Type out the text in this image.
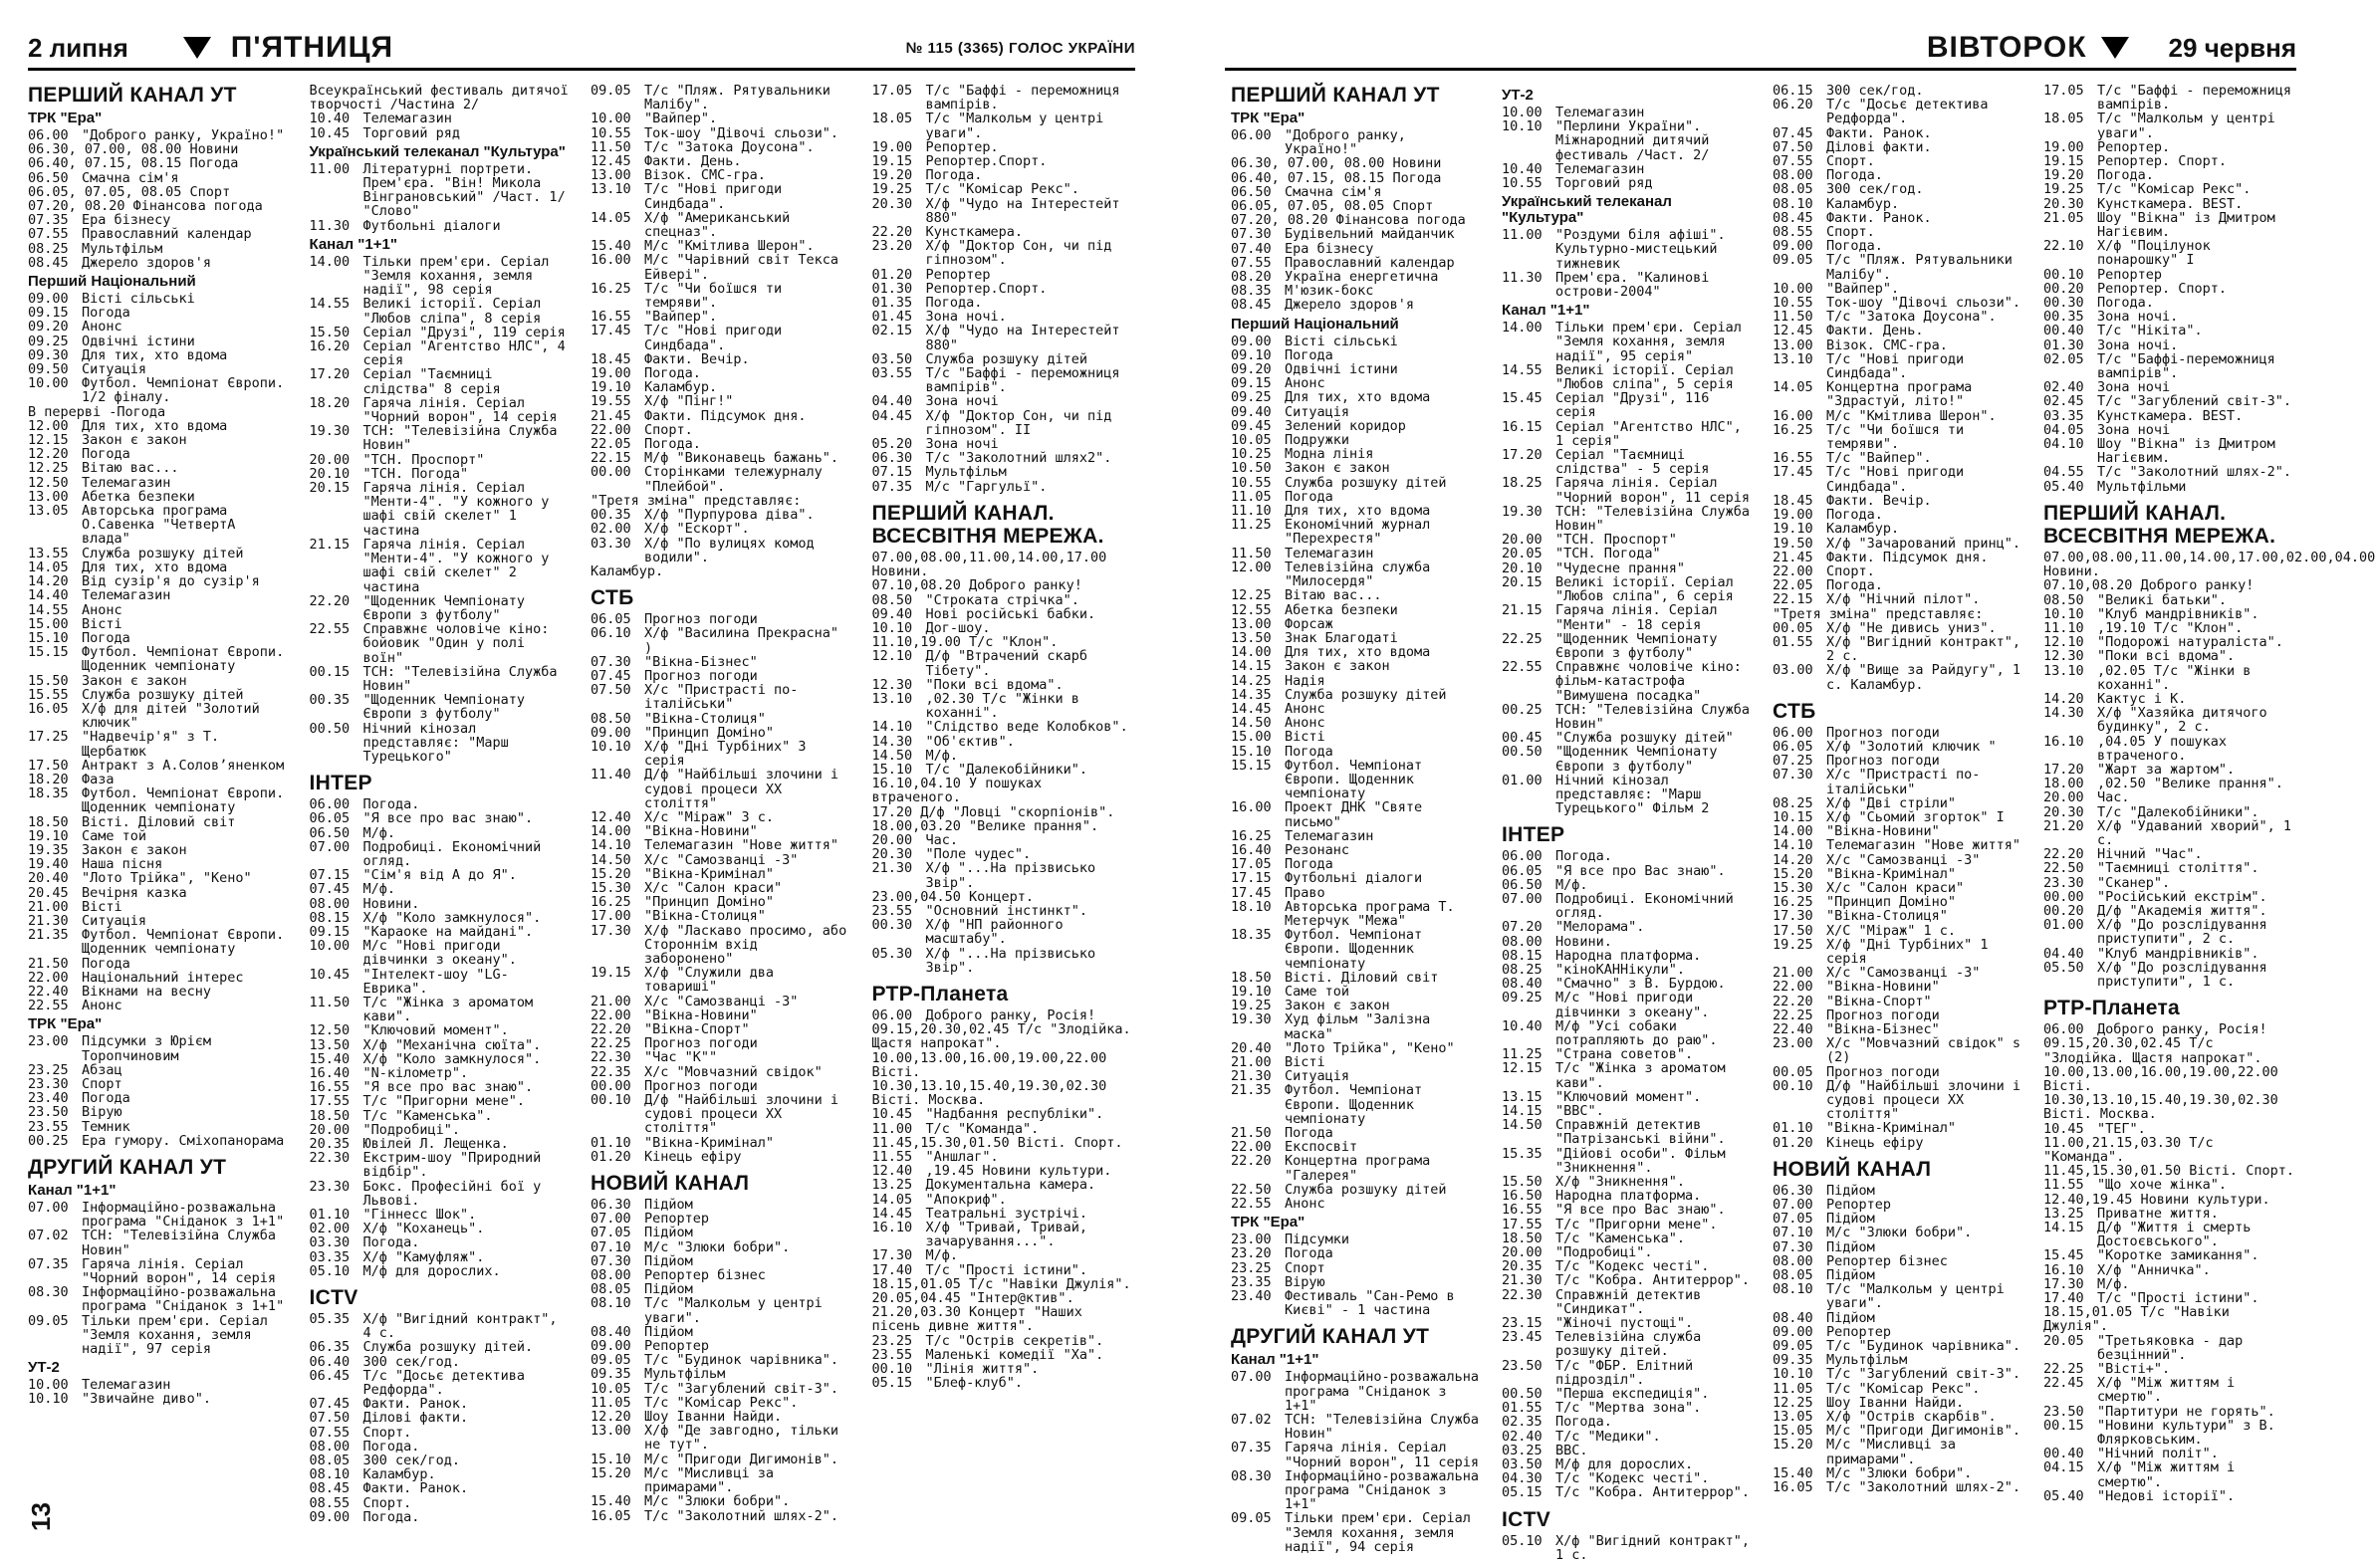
2 липня	П'ЯТНИЦЯ	№ 115 (3365) ГОЛОС УКРАЇНИ	ВІВТОРОК	29 червня
ПЕРШИЙ КАНАЛ УТ
ТРК "Ера"
06.00 "Доброго ранку, Україно!"
06.30, 07.00, 08.00 Новини
06.40, 07.15, 08.15 Погода
06.50 Смачна сім'я
06.05, 07.05, 08.05 Спорт
07.20, 08.20 Фінансова погода
07.35 Ера бізнесу
07.55 Православний календар
08.25 Мультфільм
08.45 Джерело здоров'я
Перший Національний
09.00 Вісті сільські
09.15 Погода
09.20 Анонс
09.25 Одвічні істини
09.30 Для тих, хто вдома
09.50 Ситуація
10.00 Футбол. Чемпіонат Європи. 1/2 фіналу.
В перерві -Погода
12.00 Для тих, хто вдома
12.15 Закон є закон
12.20 Погода
12.25 Вітаю вас...
12.50 Телемагазин
13.00 Абетка безпеки
13.05 Авторська програма О.Савенка "ЧетвертА влада"
13.55 Служба розшуку дітей
14.05 Для тих, хто вдома
14.20 Від сузір'я до сузір'я
14.40 Телемагазин
14.55 Анонс
15.00 Вісті
15.10 Погода
15.15 Футбол. Чемпіонат Європи. Щоденник чемпіонату
15.50 Закон є закон
15.55 Служба розшуку дітей
16.05 Х/ф для дітей "Золотий ключик"
17.25 "Надвечір'я" з Т. Щербатюк
17.50 Антракт з А.Соловʼяненком
18.20 Фаза
18.35 Футбол. Чемпіонат Європи. Щоденник чемпіонату
18.50 Вісті. Діловий світ
19.10 Саме той
19.35 Закон є закон
19.40 Наша пісня
20.40 "Лото Трійка", "Кено"
20.45 Вечірня казка
21.00 Вісті
21.30 Ситуація
21.35 Футбол. Чемпіонат Європи. Щоденник чемпіонату
21.50 Погода
22.00 Національний інтерес
22.40 Вікнами на весну
22.55 Анонс
ТРК "Ера"
23.00 Підсумки з Юрієм Торопчиновим
23.25 Абзац
23.30 Спорт
23.40 Погода
23.50 Вірую
23.55 Темник
00.25 Ера гумору. Сміхопанорама
ДРУГИЙ КАНАЛ УТ
Канал "1+1"
07.00 Інформаційно-розважальна програма "Сніданок з 1+1"
07.02 ТСН: "Телевізійна Служба Новин"
07.35 Гаряча лінія. Серіал "Чорний ворон", 14 серія
08.30 Інформаційно-розважальна програма "Сніданок з 1+1"
09.05 Тільки прем'єри. Серіал "Земля кохання, земля надії", 97 серія
УТ-2
10.00 Телемагазин
10.10 "Звичайне диво".
Всеукраїнський фестиваль дитячої творчості /Частина 2/
10.40 Телемагазин
10.45 Торговий ряд
Український телеканал "Культура"
11.00 Літературні портрети. Прем'єра. "Він! Микола Вінграновський" /Част. 1/ "Слово"
11.30 Футбольні діалоги
Канал "1+1"
14.00 Тільки прем'єри. Серіал "Земля кохання, земля надії", 98 серія
14.55 Великі історії. Серіал "Любов сліпа", 8 серія
15.50 Серіал "Друзі", 119 серія
16.20 Серіал "Агентство НЛС", 4 серія
17.20 Серіал "Таємниці слідства" 8 серія
18.20 Гаряча лінія. Серіал "Чорний ворон", 14 серія
19.30 ТСН: "Телевізійна Служба Новин"
20.00 "ТСН. Проспорт"
20.10 "ТСН. Погода"
20.15 Гаряча лінія. Серіал "Менти-4". "У кожного у шафі свій скелет" 1 частина
21.15 Гаряча лінія. Серіал "Менти-4". "У кожного у шафі свій скелет" 2 частина
22.20 "Щоденник Чемпіонату Європи з футболу"
22.55 Справжнє чоловіче кіно: бойовик "Один у полі воїн"
00.15 ТСН: "Телевізійна Служба Новин"
00.35 "Щоденник Чемпіонату Європи з футболу"
00.50 Нічний кінозал представляє: "Марш Турецького"
ІНТЕР
06.00 Погода.
06.05 "Я все про вас знаю".
06.50 М/ф.
07.00 Подробиці. Економічний огляд.
07.15 "Сім'я від А до Я".
07.45 М/ф.
08.00 Новини.
08.15 Х/ф "Коло замкнулося".
09.15 "Караоке на майдані".
10.00 М/с "Нові пригоди дівчинки з океану".
10.45 "Інтелект-шоу "LG-Еврика".
11.50 Т/с "Жінка з ароматом кави".
12.50 "Ключовий момент".
13.50 Х/ф "Механічна сюїта".
15.40 Х/ф "Коло замкнулося".
16.40 "N-кілометр".
16.55 "Я все про вас знаю".
17.55 Т/с "Пригорни мене".
18.50 Т/с "Каменська".
20.00 "Подробиці".
20.35 Ювілей Л. Лещенка.
22.30 Екстрим-шоу "Природний відбір".
23.30 Бокс. Професійні бої у Львові.
01.10 "Гіннесс Шок".
02.00 Х/ф "Коханець".
03.30 Погода.
03.35 Х/ф "Камуфляж".
05.10 М/ф для дорослих.
ICTV
05.35 Х/ф "Вигідний контракт", 4 с.
06.35 Служба розшуку дітей.
06.40 300 сек/год.
06.45 Т/с "Досьє детектива Редфорда".
07.45 Факти. Ранок.
07.50 Ділові факти.
07.55 Спорт.
08.00 Погода.
08.05 300 сек/год.
08.10 Каламбур.
08.45 Факти. Ранок.
08.55 Спорт.
09.00 Погода.
09.05 Т/с "Пляж. Рятувальники Малібу".
10.00 "Вайпер".
10.55 Ток-шоу "Дівочі сльози".
11.50 Т/с "Затока Доусона".
12.45 Факти. День.
13.00 Візок. СМС-гра.
13.10 Т/с "Нові пригоди Синдбада".
14.05 Х/ф "Американський спецназ".
15.40 М/с "Кмітлива Шерон".
16.00 М/с "Чарівний світ Тексa Ейвері".
16.25 Т/с "Чи боїшся ти темряви".
16.55 "Вайпер".
17.45 Т/с "Нові пригоди Синдбада".
18.45 Факти. Вечір.
19.00 Погода.
19.10 Каламбур.
19.55 Х/ф "Пінг!"
21.45 Факти. Підсумок дня.
22.00 Спорт.
22.05 Погода.
22.15 М/ф "Виконавець бажань".
00.00 Сторінками тележурналу "Плейбой".
"Третя зміна" представляє:
00.35 Х/ф "Пурпурова діва".
02.00 Х/ф "Ескорт".
03.30 Х/ф "По вулицях комод водили".
Калaмбур.
СТБ
06.05 Прогноз погоди
06.10 Х/ф "Василина Прекрасна" )
07.30 "Вікна-Бізнес"
07.45 Прогноз погоди
07.50 Х/с "Пристрасті по-італійськи"
08.50 "Вікна-Столиця"
09.00 "Принцип Доміно"
10.10 Х/ф "Дні Турбіних" 3 серія
11.40 Д/ф "Найбільші злочини і судові процеси XX століття"
12.40 Х/с "Міраж" 3 с.
14.00 "Вікна-Новини"
14.10 Телемагазин "Нове життя"
14.50 Х/с "Самозванці -3"
15.20 "Вікна-Кримінал"
15.30 Х/с "Салон краси"
16.25 "Принцип Доміно"
17.00 "Вікна-Столиця"
17.30 Х/ф "Ласкаво просимо, або Стороннім вхід заборонено"
19.15 Х/ф "Служили два товариші"
21.00 Х/с "Самозванці -3"
22.00 "Вікна-Новини"
22.20 "Вікна-Спорт"
22.25 Прогноз погоди
22.30 "Час "К""
22.35 Х/с "Мовчазний свідок"
00.00 Прогноз погоди
00.10 Д/ф "Найбільші злочини і судові процеси XX століття"
01.10 "Вікна-Кримінал"
01.20 Кінець ефіру
НОВИЙ КАНАЛ
06.30 Підйом
07.00 Репортер
07.05 Підйом
07.10 М/с "Злюки бобри".
07.30 Підйом
08.00 Репортер бізнес
08.05 Підйом
08.10 Т/с "Малкольм у центрі уваги".
08.40 Підйом
09.00 Репортер
09.05 Т/с "Будинок чарівника".
09.35 Мультфільм
10.05 Т/с "Загублений світ-3".
11.05 Т/с "Комісар Рекс".
12.20 Шоу Іванни Найди.
13.00 Х/ф "Де завгодно, тільки не тут".
15.10 М/с "Пригоди Дигимонів".
15.20 М/с "Мисливці за примарами".
15.40 М/с "Злюки бобри".
16.05 Т/с "Заколотний шлях-2".
17.05 Т/с "Баффі - переможниця вампірів.
18.05 Т/с "Малкольм у центрі уваги".
19.00 Репортер.
19.15 Репортер.Спорт.
19.20 Погода.
19.25 Т/с "Комісар Рекс".
20.30 Х/ф "Чудо на Інтерестейт 880"
22.20 Кунсткамера.
23.20 Х/ф "Доктор Сон, чи під гіпнозом".
01.20 Репортер
01.30 Репортер.Спорт.
01.35 Погода.
01.45 Зона ночі.
02.15 Х/ф "Чудо на Інтерестейт 880"
03.50 Служба розшуку дітей
03.55 Т/с "Баффі - переможниця вампірів".
04.40 Зона ночі
04.45 Х/ф "Доктор Сон, чи під гіпнозом". ІІ
05.20 Зона ночі
06.30 Т/с "Заколотний шлях2".
07.15 Мультфільм
07.35 М/с "Гаргульї".
ПЕРШИЙ КАНАЛ. ВСЕСВІТНЯ МЕРЕЖА.
07.00,08.00,11.00,14.00,17.00 Новини.
07.10,08.20 Доброго ранку!
08.50 "Строката стрічка".
09.40 Нові російські бабки.
10.10 Дог-шоу.
11.10,19.00 Т/с "Клон".
12.10 Д/ф "Втрачений скарб Тібету".
12.30 "Поки всі вдома".
13.10 ,02.30 Т/с "Жінки в коханні".
14.10 "Слідство веде Колобков".
14.30 "Об'єктив".
14.50 М/ф.
15.10 Т/с "Далекобійники".
16.10,04.10 У пошуках втраченого.
17.20 Д/ф "Ловці "скорпіонів".
18.00,03.20 "Велике прання".
20.00 Час.
20.30 "Поле чудес".
21.30 Х/ф "...На прізвисько Звір".
23.00,04.50 Концерт.
23.55 "Основний інстинкт".
00.30 Х/ф "НП районного масштабу".
05.30 Х/ф "...На прізвисько Звір".
РТР-Планета
06.00 Доброго ранку, Росія!
09.15,20.30,02.45 Т/с "Злодійка. Щастя напрокат".
10.00,13.00,16.00,19.00,22.00 Вісті.
10.30,13.10,15.40,19.30,02.30 Вісті. Москва.
10.45 "Надбання республіки".
11.00 Т/с "Команда".
11.45,15.30,01.50 Вісті. Спорт.
11.55 "Аншлаг".
12.40 ,19.45 Новини культури.
13.25 Документальна камера.
14.05 "Апокриф".
14.45 Театральні зустрічі.
16.10 Х/ф "Тривай, Тривай, зачарування...".
17.30 М/ф.
17.40 Т/с "Прості істини".
18.15,01.05 Т/с "Навіки Джулія".
20.05,04.45 "Інтер@ктив".
21.20,03.30 Концерт "Наших пісень дивне життя".
23.25 Т/с "Острів секретів".
23.55 Маленькі комедії "Ха".
00.10 "Лінія життя".
05.15 "Блеф-клуб".
ПЕРШИЙ КАНАЛ УТ
ТРК "Ера"
06.00 "Доброго ранку, Україно!"
06.30, 07.00, 08.00 Новини
06.40, 07.15, 08.15 Погода
06.50 Смачна сім'я
06.05, 07.05, 08.05 Спорт
07.20, 08.20 Фінансова погода
07.30 Будівельний майданчик
07.40 Ера бізнесу
07.55 Православний календар
08.20 Україна енергетична
08.35 М'юзик-бокс
08.45 Джерело здоров'я
Перший Національний
09.00 Вісті сільські
09.10 Погода
09.20 Одвічні істини
09.15 Анонс
09.25 Для тих, хто вдома
09.40 Ситуація
09.45 Зелений коридор
10.05 Подружки
10.25 Модна лінія
10.50 Закон є закон
10.55 Служба розшуку дітей
11.05 Погода
11.10 Для тих, хто вдома
11.25 Економічний журнал "Перехрестя"
11.50 Телемагазин
12.00 Телевізійна служба "Милосердя"
12.25 Вітаю вас...
12.55 Абетка безпеки
13.00 Форсаж
13.50 Знак Благодаті
14.00 Для тих, хто вдома
14.15 Закон є закон
14.25 Надія
14.35 Служба розшуку дітей
14.45 Анонс
14.50 Анонс
15.00 Вісті
15.10 Погода
15.15 Футбол. Чемпіонат Європи. Щоденник чемпіонату
16.00 Проект ДНК "Святе письмо"
16.25 Телемагазин
16.40 Резонанс
17.05 Погода
17.15 Футбольні діалоги
17.45 Право
18.10 Авторська програма Т. Метерчук "Межа"
18.35 Футбол. Чемпіонат Європи. Щоденник чемпіонату
18.50 Вісті. Діловий світ
19.10 Саме той
19.25 Закон є закон
19.30 Худ фільм "Залізна маска"
20.40 "Лото Трійка", "Кено"
21.00 Вісті
21.30 Ситуація
21.35 Футбол. Чемпіонат Європи. Щоденник чемпіонату
21.50 Погода
22.00 Експосвіт
22.20 Концертна програма "Галерея"
22.50 Служба розшуку дітей
22.55 Анонс
ТРК "Ера"
23.00 Підсумки
23.20 Погода
23.25 Спорт
23.35 Вірую
23.40 Фестиваль "Сан-Ремо в Києві" - 1 частина
ДРУГИЙ КАНАЛ УТ
Канал "1+1"
07.00 Інформаційно-розважальна програма "Сніданок з 1+1"
07.02 ТСН: "Телевізійна Служба Новин"
07.35 Гаряча лінія. Серіал "Чорний ворон", 11 серія
08.30 Інформаційно-розважальна програма "Сніданок з 1+1"
09.05 Тільки прем'єри. Серіал "Земля кохання, земля надії", 94 серія
УТ-2
10.00 Телемагазин
10.10 "Перлини України". Міжнародний дитячий фестиваль /Част. 2/
10.40 Телемагазин
10.55 Торговий ряд
Український телеканал "Культура"
11.00 "Роздуми біля афіші". Культурно-мистецький тижневик
11.30 Прем'єра. "Калинові острови-2004"
Канал "1+1"
14.00 Тільки прем'єри. Серіал "Земля кохання, земля надії", 95 серія"
14.55 Великі історії. Серіал "Любов сліпа", 5 серія
15.45 Серіал "Друзі", 116 серія
16.15 Серіал "Агентство НЛС", 1 серія"
17.20 Серіал "Таємниці слідства" - 5 серія
18.25 Гаряча лінія. Серіал "Чорний ворон", 11 серія
19.30 ТСН: "Телевізійна Служба Новин"
20.00 "ТСН. Проспорт"
20.05 "ТСН. Погода"
20.10 "Чудесне прання"
20.15 Великі історії. Серіал "Любов сліпа", 6 серія
21.15 Гаряча лінія. Серіал "Менти" - 18 серія
22.25 "Щоденник Чемпіонату Європи з футболу"
22.55 Справжнє чоловіче кіно: фільм-катастрофа "Вимушена посадка"
00.25 ТСН: "Телевізійна Служба Новин"
00.45 "Служба розшуку дітей"
00.50 "Щоденник Чемпіонату Європи з футболу"
01.00 Нічний кінозал представляє: "Марш Турецького" Фільм 2
ІНТЕР
06.00 Погода.
06.05 "Я все про Вас знаю".
06.50 М/ф.
07.00 Подробиці. Економічний огляд.
07.20 "Мелорама".
08.00 Новини.
08.15 Народна платформа.
08.25 "кіноКАННікули".
08.40 "Смачно" з В. Бурдою.
09.25 М/с "Нові пригоди дівчинки з океану".
10.40 М/ф "Усі собаки потрапляють до раю".
11.25 "Страна советов".
12.15 Т/с "Жінка з ароматом кави".
13.15 "Ключовий момент".
14.15 "ВВС".
14.50 Справжній детектив "Патрізанські війни".
15.35 "Дійові особи". Фільм "Зникнення".
15.50 Х/ф "Зникнення".
16.50 Народна платформа.
16.55 "Я все про Вас знаю".
17.55 Т/с "Пригорни мене".
18.50 Т/с "Каменська".
20.00 "Подробиці".
20.35 Т/с "Кодекс честі".
21.30 Т/с "Кобра. Антитеррор".
22.30 Справжній детектив "Синдикат".
23.15 "Жіночі пустощі".
23.45 Телевізійна служба розшуку дітей.
23.50 Т/с "ФБР. Елітний підрозділ".
00.50 "Перша експедиція".
01.55 Т/с "Мертва зона".
02.35 Погода.
02.40 Т/с "Медики".
03.25 ВВС.
03.50 М/ф для дорослих.
04.30 Т/с "Кодекс честі".
05.15 Т/с "Кобра. Антитеррор".
ICTV
05.10 Х/ф "Вигідний контракт", 1 с.
06.15 300 сек/год.
06.20 Т/с "Досьє детектива Редфорда".
07.45 Факти. Ранок.
07.50 Ділові факти.
07.55 Спорт.
08.00 Погода.
08.05 300 сек/год.
08.10 Каламбур.
08.45 Факти. Ранок.
08.55 Спорт.
09.00 Погода.
09.05 Т/с "Пляж. Рятувальники Малібу".
10.00 "Вайпер".
10.55 Ток-шоу "Дівочі сльози".
11.50 Т/с "Затока Доусона".
12.45 Факти. День.
13.00 Візок. СМС-гра.
13.10 Т/с "Нові пригоди Синдбада".
14.05 Концертна програма "Здрастуй, літо!"
16.00 М/с "Кмітлива Шерон".
16.25 Т/с "Чи боїшся ти темряви".
16.55 Т/с "Вайпер".
17.45 Т/с "Нові пригоди Синдбада".
18.45 Факти. Вечір.
19.00 Погода.
19.10 Каламбур.
19.50 Х/ф "Зачарований принц".
21.45 Факти. Підсумок дня.
22.00 Спорт.
22.05 Погода.
22.15 Х/ф "Нічний пілот".
"Третя зміна" представляє:
00.05 Х/ф "Не дивись униз".
01.55 Х/ф "Вигідний контракт", 2 с.
03.00 Х/ф "Вище за Райдугу", 1 с. Калaмбур.
СТБ
06.00 Прогноз погоди
06.05 Х/ф "Золотий ключик "
07.25 Прогноз погоди
07.30 Х/с "Пристрасті по-італійськи"
08.25 Х/ф "Дві стріли"
10.15 Х/ф "Сьомий згорток" І
14.00 "Вікна-Новини"
14.10 Телемагазин "Нове життя"
14.20 Х/с "Самозванці -3"
15.20 "Вікна-Кримінал"
15.30 Х/с "Салон краси"
16.25 "Принцип Доміно"
17.30 "Вікна-Столиця"
17.50 Х/С "Міраж" 1 с.
19.25 Х/ф "Дні Турбіних" 1 серія
21.00 Х/с "Самозванці -3"
22.00 "Вікна-Новини"
22.20 "Вікна-Спорт"
22.25 Прогноз погоди
22.40 "Вікна-Бізнес"
23.00 Х/с "Мовчазний свідок" s (2)
00.05 Прогноз погоди
00.10 Д/ф "Найбільші злочини і судові процеси XX століття"
01.10 "Вікна-Кримінал"
01.20 Кінець ефіру
НОВИЙ КАНАЛ
06.30 Підйом
07.00 Репортер
07.05 Підйом
07.10 М/с "Злюки бобри".
07.30 Підйом
08.00 Репортер бізнес
08.05 Підйом
08.10 Т/с "Малкольм у центрі уваги".
08.40 Підйом
09.00 Репортер
09.05 Т/с "Будинок чарівника".
09.35 Мультфільм
10.10 Т/с "Загублений світ-3".
11.05 Т/с "Комісар Рекс".
12.25 Шоу Іванни Найди.
13.05 Х/ф "Острів скарбів".
15.05 М/с "Пригоди Дигимонів".
15.20 М/с "Мисливці за примарами".
15.40 М/с "Злюки бобри".
16.05 Т/с "Заколотний шлях-2".
17.05 Т/с "Баффі - переможниця вампірів.
18.05 Т/с "Малкольм у центрі уваги".
19.00 Репортер.
19.15 Репортер. Спорт.
19.20 Погода.
19.25 Т/с "Комісар Рекс".
20.30 Кунсткамера. BEST.
21.05 Шоу "Вікна" із Дмитром Нагієвим.
22.10 Х/ф "Поцілунок понарошку" І
00.10 Репортер
00.20 Репортер. Спорт.
00.30 Погода.
00.35 Зона ночі.
00.40 Т/с "Нікіта".
01.30 Зона ночі.
02.05 Т/с "Баффі-переможниця вампірів".
02.40 Зона ночі
02.45 Т/с "Загублений світ-3".
03.35 Кунсткамера. BEST.
04.05 Зона ночі
04.10 Шоу "Вікна" із Дмитром Нагієвим.
04.55 Т/с "Заколотний шлях-2".
05.40 Мультфільми
ПЕРШИЙ КАНАЛ. ВСЕСВІТНЯ МЕРЕЖА.
07.00,08.00,11.00,14.00,17.00,02.00,04.00 Новини.
07.10,08.20 Доброго ранку!
08.50 "Великі батьки".
10.10 "Клуб мандрівників".
11.10 ,19.10 Т/с "Клон".
12.10 "Подорожі натураліста".
12.30 "Поки всі вдома".
13.10 ,02.05 Т/с "Жінки в коханні".
14.20 Кактус і К.
14.30 Х/ф "Хазяйка дитячого будинку", 2 с.
16.10 ,04.05 У пошуках втраченого.
17.20 "Жарт за жартом".
18.00 ,02.50 "Велике прання".
20.00 Час.
20.30 Т/с "Далекобійники".
21.20 Х/ф "Удаваний хворий", 1 с.
22.20 Нічний "Час".
22.50 "Таємниці століття".
23.30 "Сканер".
00.00 "Російський екстрім".
00.20 Д/ф "Академія життя".
01.00 Х/ф "До розслідування приступити", 2 с.
04.40 "Клуб мандрівників".
05.50 Х/ф "До розслідування приступити", 1 с.
РТР-Планета
06.00 Доброго ранку, Росія!
09.15,20.30,02.45 Т/с "Злодійка. Щастя напрокат".
10.00,13.00,16.00,19.00,22.00 Вісті.
10.30,13.10,15.40,19.30,02.30 Вісті. Москва.
10.45 "ТЕГ".
11.00,21.15,03.30 Т/с "Команда".
11.45,15.30,01.50 Вісті. Спорт.
11.55 "Що хоче жінка".
12.40,19.45 Новини культури.
13.25 Приватне життя.
14.15 Д/ф "Життя і смерть Достоєвського".
15.45 "Коротке замикання".
16.10 Х/ф "Анничка".
17.30 М/ф.
17.40 Т/с "Прості істини".
18.15,01.05 Т/с "Навіки Джулія".
20.05 "Третьяковка - дар безцінний".
22.25 "Вісті+".
22.45 Х/ф "Між життям і смертю".
23.50 "Партитури не горять".
00.15 "Новини культури" з В. Флярковським.
00.40 "Нічний політ".
04.15 Х/ф "Між життям і смертю".
05.40 "Недові історії".
13
